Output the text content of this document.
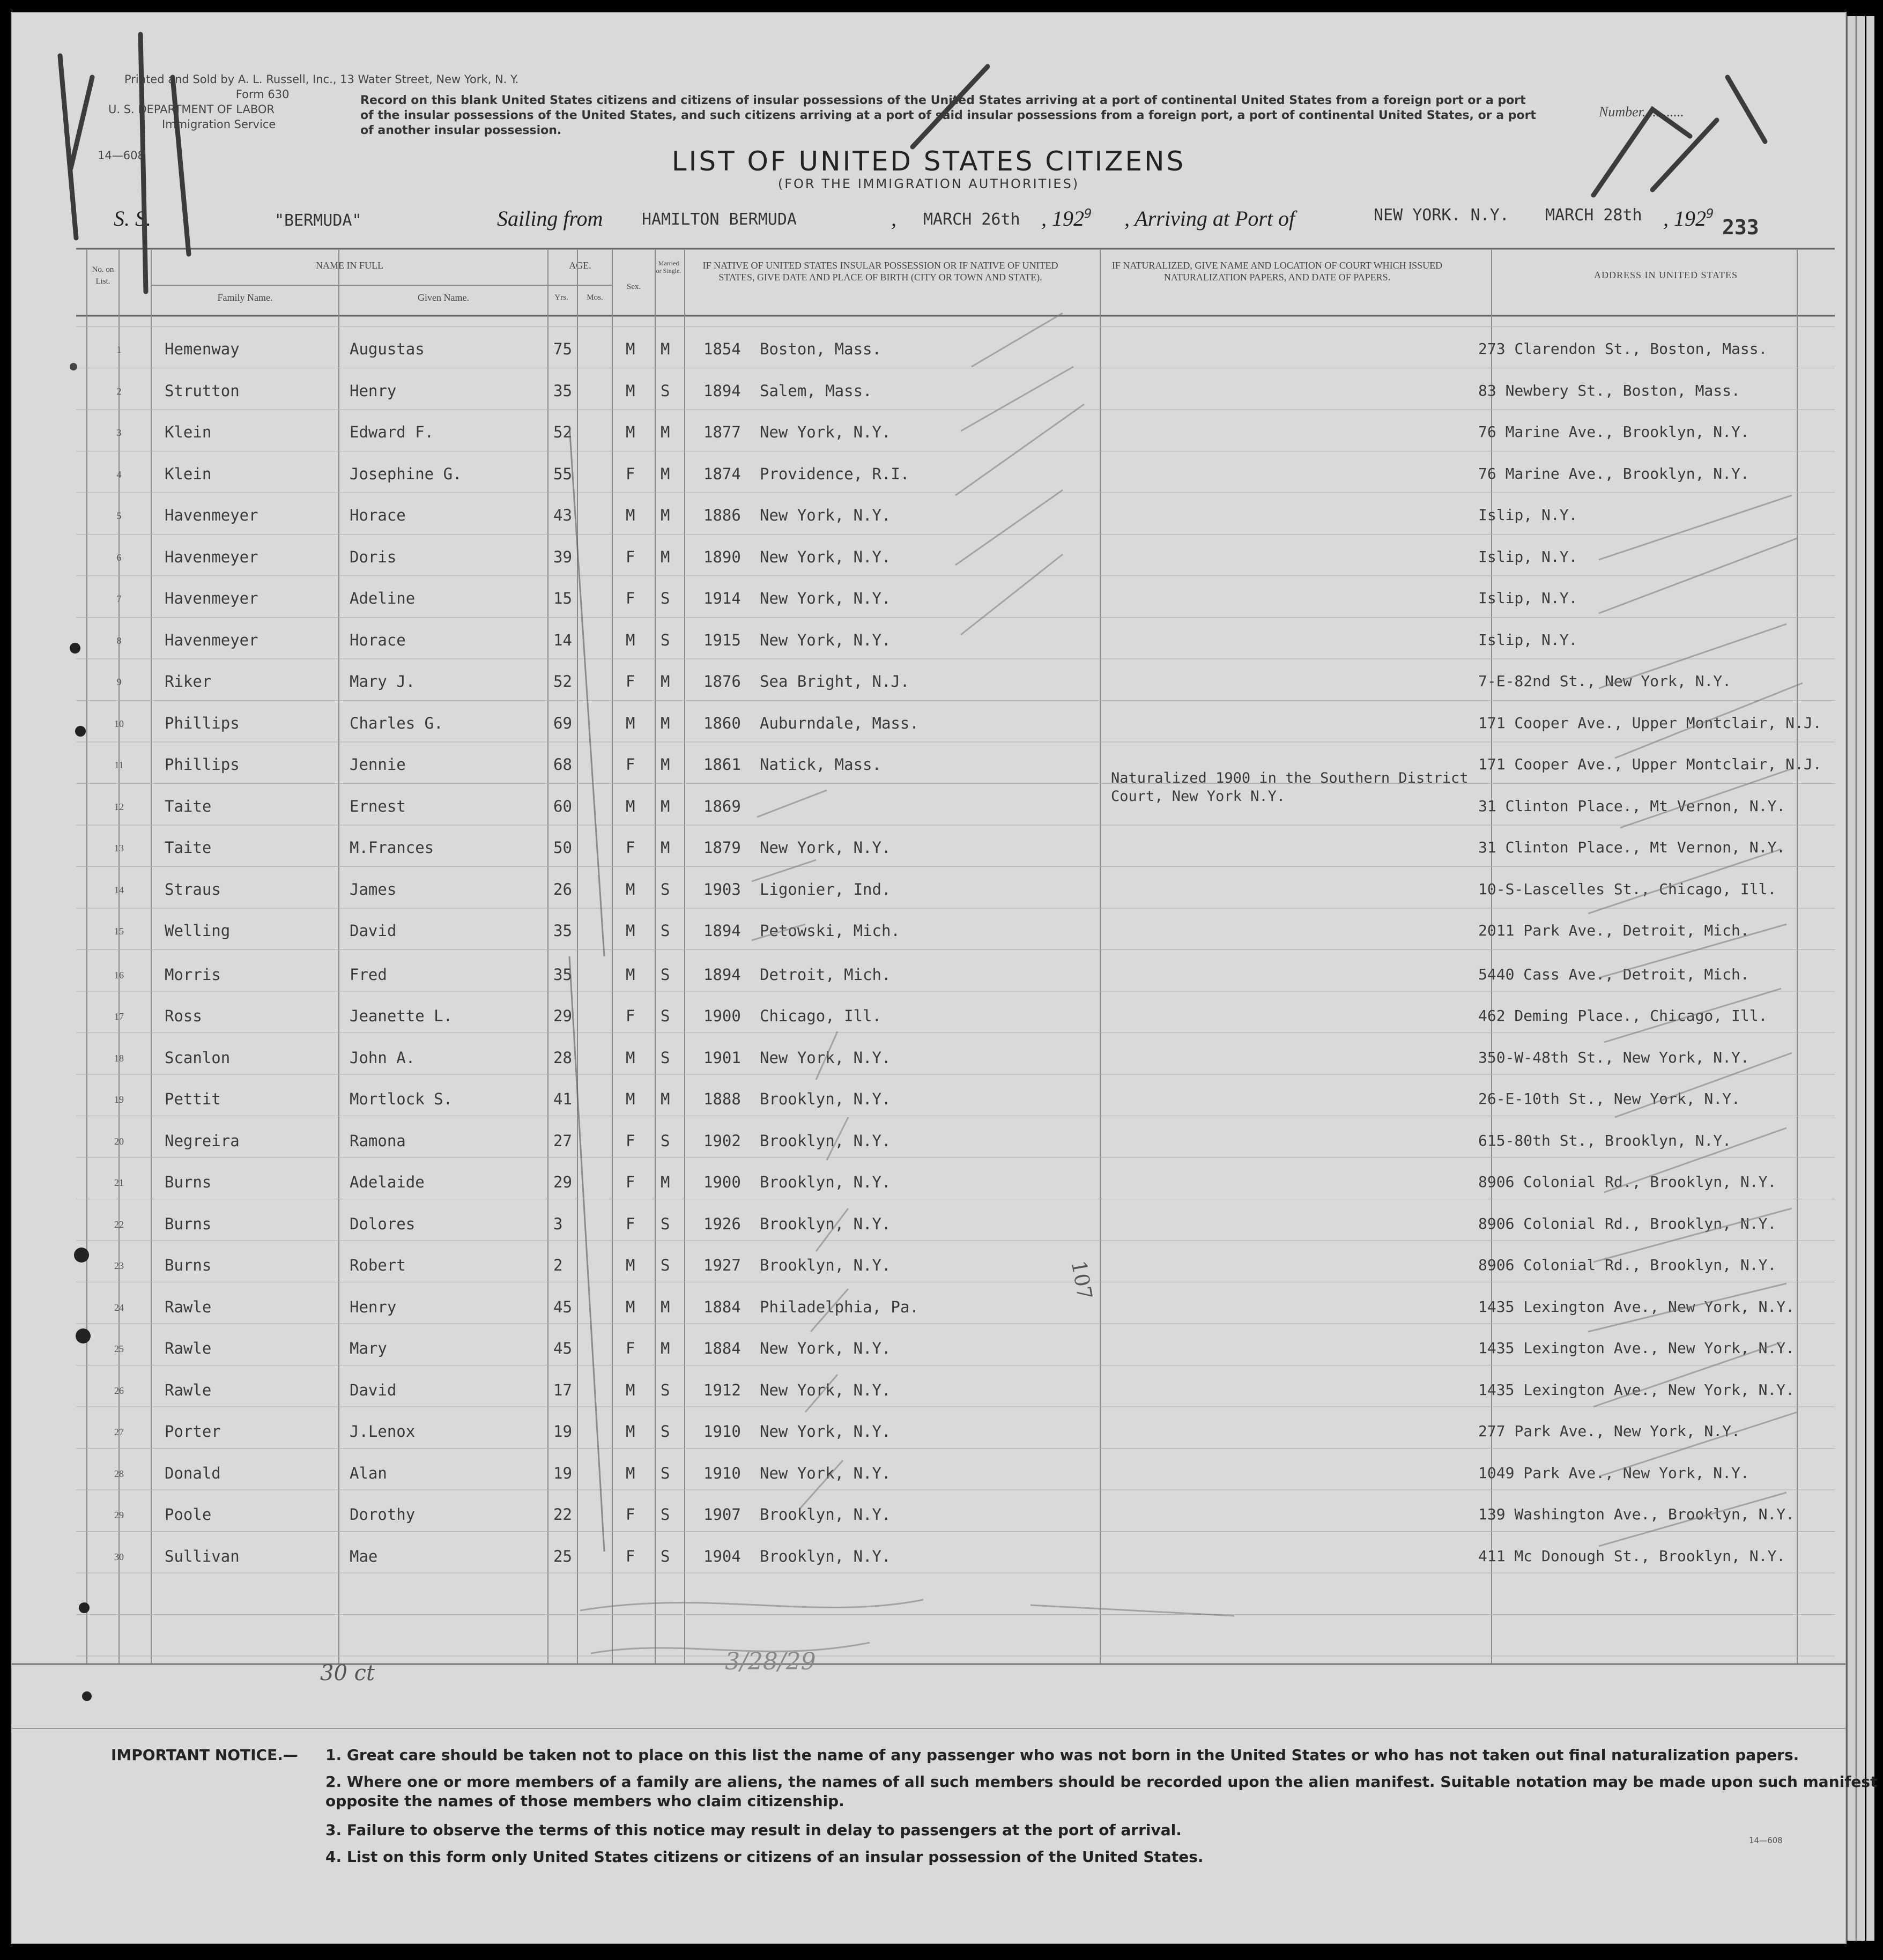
Printed and Sold by A. L. Russell, Inc., 13 Water Street, New York, N. Y.
Form 630
U. S. DEPARTMENT OF LABOR
Immigration Service
14—608
Record on this blank United States citizens and citizens of insular possessions of the United States arriving at a port of continental United States from a foreign port or a port of the insular possessions of the United States, and such citizens arriving at a port of said insular possessions from a foreign port, a port of continental United States, or a port of another insular possession.
Number............
LIST OF UNITED STATES CITIZENS
(FOR THE IMMIGRATION AUTHORITIES)
S. S.	"BERMUDA"	Sailing from HAMILTON BERMUDA	, MARCH 26th , $192^9$ , Arriving at Port of	NEW YORK. N.Y. MARCH 28th , $192^9$
233
No. on List.
NAME IN FULL
Family Name.	Given Name.
AGE.
Yrs.	Mos.
Sex.
Married or Single.	IF NATIVE OF UNITED STATES INSULAR POSSESSION OR IF NATIVE OF UNITED STATES, GIVE DATE AND PLACE OF BIRTH (CITY OR TOWN AND STATE).
IF NATURALIZED, GIVE NAME AND LOCATION OF COURT WHICH ISSUED NATURALIZATION PAPERS, AND DATE OF PAPERS.	ADDRESS IN UNITED STATES
1	Hemenway	Augustas	75	M M 1854 Boston, Mass.	273 Clarendon St., Boston, Mass.
2	Strutton	Henry	35	M S 1894 Salem, Mass.	83 Newbery St., Boston, Mass.
3	Klein	Edward F.	52	M M 1877 New York, N.Y.	76 Marine Ave., Brooklyn, N.Y.
4	Klein	Josephine G.	55	F M 1874 Providence, R.I.	76 Marine Ave., Brooklyn, N.Y.
5	Havenmeyer	Horace	43	M M 1886 New York, N.Y.	Islip, N.Y.
6	Havenmeyer	Doris	39	F M 1890 New York, N.Y.	Islip, N.Y.
7	Havenmeyer	Adeline	15	F S 1914 New York, N.Y.	Islip, N.Y.
8	Havenmeyer	Horace	14	M S 1915 New York, N.Y.	Islip, N.Y.
9	Riker	Mary J.	52	F M 1876 Sea Bright, N.J.	7-E-82nd St., New York, N.Y.
10	Phillips	Charles G.	69	M M 1860 Auburndale, Mass.	171 Cooper Ave., Upper Montclair, N.J.
11	Phillips	Jennie	68	F M 1861 Natick, Mass.	171 Cooper Ave., Upper Montclair, N.J.
12	Taite	Ernest	60	M M 1869	31 Clinton Place., Mt Vernon, N.Y.
Naturalized 1900 in the Southern District Court, New York N.Y.
13	Taite	M.Frances	50	F M 1879 New York, N.Y.	31 Clinton Place., Mt Vernon, N.Y.
14	Straus	James	26	M S 1903 Ligonier, Ind.	10-S-Lascelles St., Chicago, Ill.
15	Welling	David	35	M S 1894 Petowski, Mich.	2011 Park Ave., Detroit, Mich.
16	Morris	Fred	35	M S 1894 Detroit, Mich.	5440 Cass Ave., Detroit, Mich.
17	Ross	Jeanette L.	29	F S 1900 Chicago, Ill.	462 Deming Place., Chicago, Ill.
18	Scanlon	John A.	28	M S 1901 New York, N.Y.	350-W-48th St., New York, N.Y.
19	Pettit	Mortlock S.	41	M M 1888 Brooklyn, N.Y.	26-E-10th St., New York, N.Y.
20	Negreira	Ramona	27	F S 1902 Brooklyn, N.Y.	615-80th St., Brooklyn, N.Y.
21	Burns	Adelaide	29	F M 1900 Brooklyn, N.Y.	8906 Colonial Rd., Brooklyn, N.Y.
22	Burns	Dolores	3	F S 1926 Brooklyn, N.Y.	8906 Colonial Rd., Brooklyn, N.Y.
23	Burns	Robert	2	M S 1927 Brooklyn, N.Y.	8906 Colonial Rd., Brooklyn, N.Y.
24	Rawle	Henry	45	M M 1884 Philadelphia, Pa.	1435 Lexington Ave., New York, N.Y.
25	Rawle	Mary	45	F M 1884 New York, N.Y.	1435 Lexington Ave., New York, N.Y.
26	Rawle	David	17	M S 1912 New York, N.Y.	1435 Lexington Ave., New York, N.Y.
27	Porter	J.Lenox	19	M S 1910 New York, N.Y.	277 Park Ave., New York, N.Y.
28	Donald	Alan	19	M S 1910 New York, N.Y.	1049 Park Ave., New York, N.Y.
29	Poole	Dorothy	22	F S 1907 Brooklyn, N.Y.	139 Washington Ave., Brooklyn, N.Y.
30	Sullivan	Mae	25	F S 1904 Brooklyn, N.Y.	411 Mc Donough St., Brooklyn, N.Y.
30 ct
107
3/28/29
IMPORTANT NOTICE.— 1. Great care should be taken not to place on this list the name of any passenger who was not born in the United States or who has not taken out final naturalization papers.
2. Where one or more members of a family are aliens, the names of all such members should be recorded upon the alien manifest. Suitable notation may be made upon such manifest opposite the names of those members who claim citizenship.
3. Failure to observe the terms of this notice may result in delay to passengers at the port of arrival.
4. List on this form only United States citizens or citizens of an insular possession of the United States.
14—608
